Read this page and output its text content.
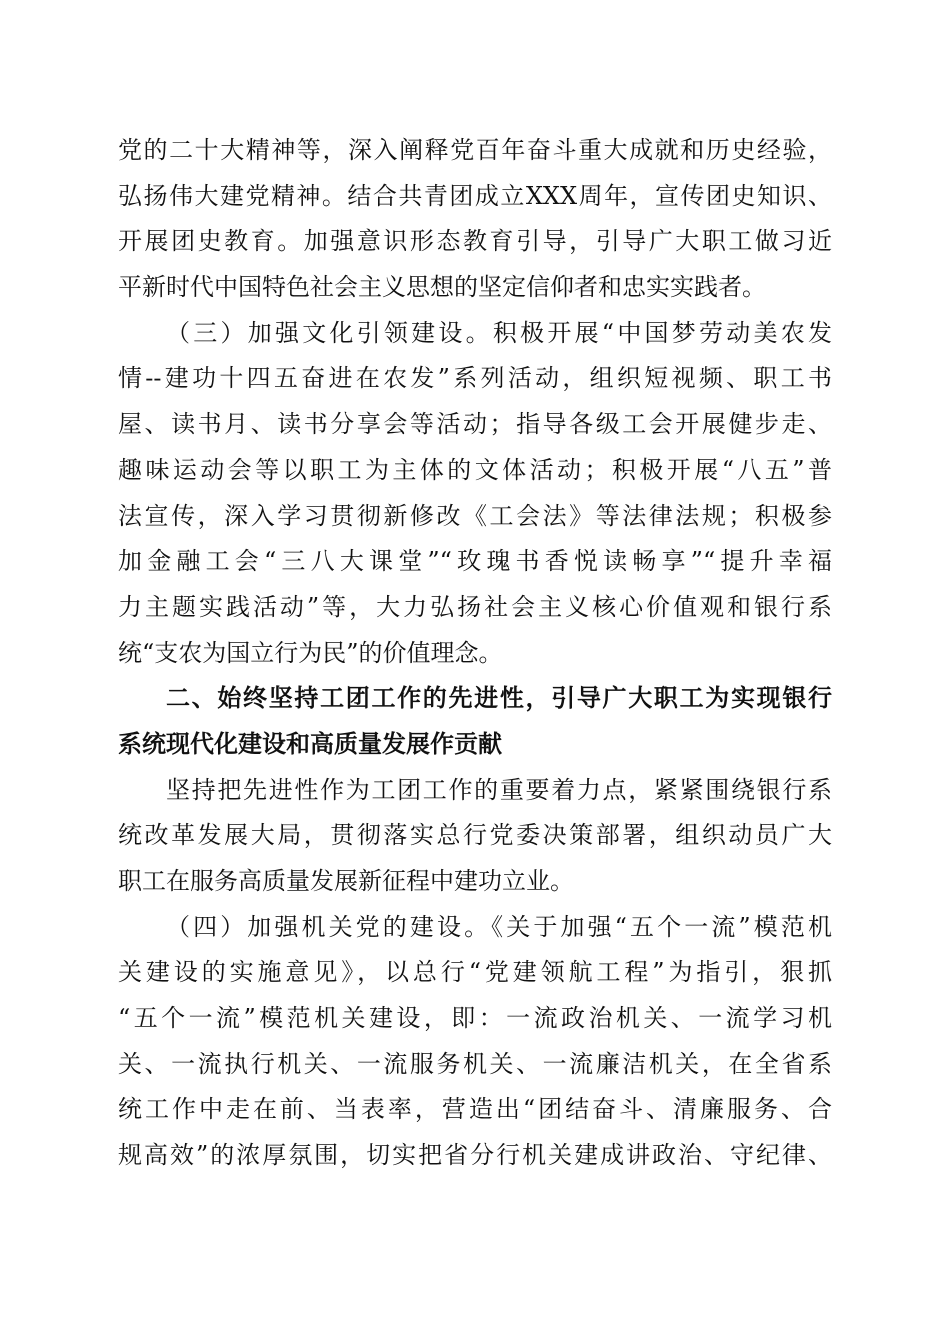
党的二十大精神等，深入阐释党百年奋斗重大成就和历史经验，
弘扬伟大建党精神。结合共青团成立XXX周年，宣传团史知识、
开展团史教育。加强意识形态教育引导，引导广大职工做习近
平新时代中国特色社会主义思想的坚定信仰者和忠实实践者。
（三）加强文化引领建设。积极开展“中国梦劳动美农发
情--建功十四五奋进在农发”系列活动，组织短视频、职工书
屋、读书月、读书分享会等活动；指导各级工会开展健步走、
趣味运动会等以职工为主体的文体活动；积极开展“八五”普
法宣传，深入学习贯彻新修改《工会法》等法律法规；积极参
加金融工会“三八大课堂”“玫瑰书香悦读畅享”“提升幸福
力主题实践活动”等，大力弘扬社会主义核心价值观和银行系
统“支农为国立行为民”的价值理念。
二、始终坚持工团工作的先进性，引导广大职工为实现银行
系统现代化建设和高质量发展作贡献
坚持把先进性作为工团工作的重要着力点，紧紧围绕银行系
统改革发展大局，贯彻落实总行党委决策部署，组织动员广大
职工在服务高质量发展新征程中建功立业。
（四）加强机关党的建设。《关于加强“五个一流”模范机
关建设的实施意见》，以总行“党建领航工程”为指引，狠抓
“五个一流”模范机关建设，即：一流政治机关、一流学习机
关、一流执行机关、一流服务机关、一流廉洁机关，在全省系
统工作中走在前、当表率，营造出“团结奋斗、清廉服务、合
规高效”的浓厚氛围，切实把省分行机关建成讲政治、守纪律、
